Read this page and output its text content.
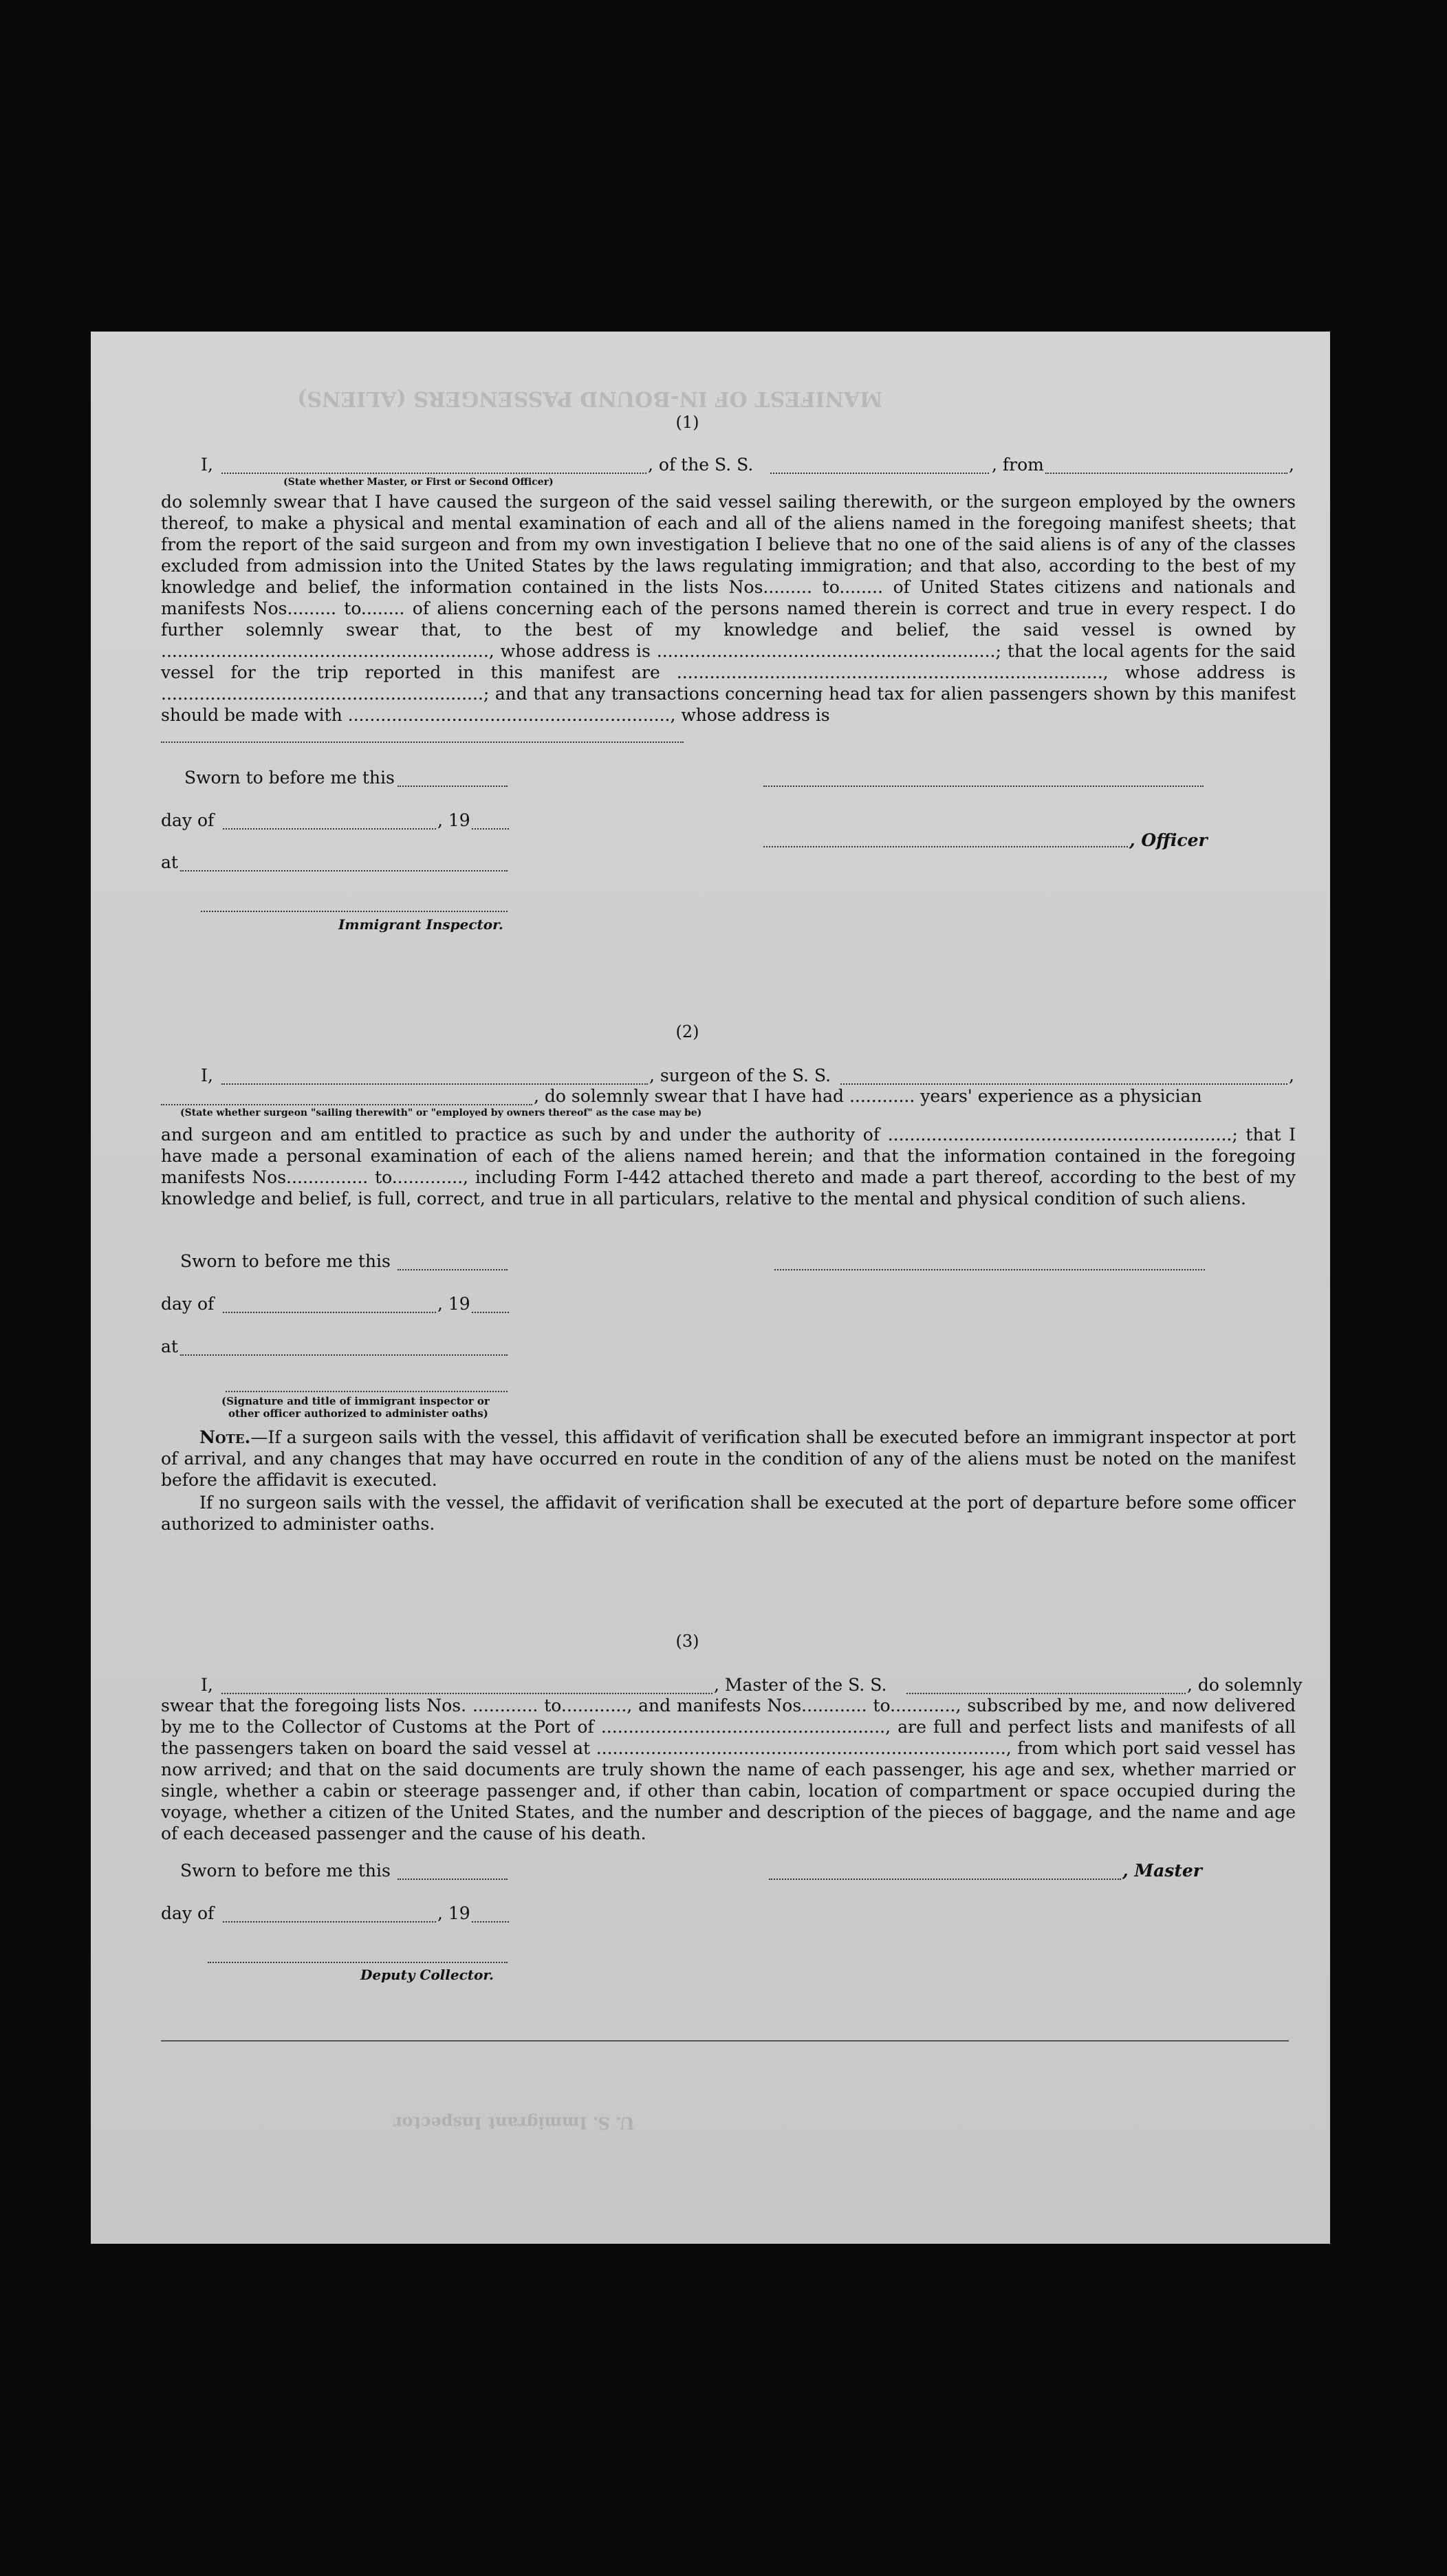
MANIFEST OF IN-BOUND PASSENGERS (ALIENS)
U. S. Immigrant Inspector
(1)
I,	, of the S. S.	, from	,
(State whether Master, or First or Second Officer)
do solemnly swear that I have caused the surgeon of the said vessel sailing therewith, or the surgeon employed by the owners thereof, to make a physical and mental examination of each and all of the aliens named in the foregoing manifest sheets; that from the report of the said surgeon and from my own investigation I believe that no one of the said aliens is of any of the classes excluded from admission into the United States by the laws regulating immigration; and that also, according to the best of my knowledge and belief, the information contained in the lists Nos......... to........ of United States citizens and nationals and manifests Nos......... to........ of aliens concerning each of the persons named therein is correct and true in every respect. I do further solemnly swear that, to the best of my knowledge and belief, the said vessel is owned by ............................................................, whose address is ..............................................................; that the local agents for the said vessel for the trip reported in this manifest are .............................................................................., whose address is ...........................................................; and that any transactions concerning head tax for alien passengers shown by this manifest should be made with ..........................................................., whose address is
Sworn to before me this
day of	, 19
at
, Officer
Immigrant Inspector.
(2)
I,	, surgeon of the S. S.	,
, do solemnly swear that I have had ............ years' experience as a physician
(State whether surgeon "sailing therewith" or "employed by owners thereof" as the case may be)
and surgeon and am entitled to practice as such by and under the authority of ...............................................................; that I have made a personal examination of each of the aliens named herein; and that the information contained in the foregoing manifests Nos............... to............., including Form I-442 attached thereto and made a part thereof, according to the best of my knowledge and belief, is full, correct, and true in all particulars, relative to the mental and physical condition of such aliens.
Sworn to before me this
day of	, 19
at
(Signature and title of immigrant inspector or
other officer authorized to administer oaths)
Note.—If a surgeon sails with the vessel, this affidavit of verification shall be executed before an immigrant inspector at port of arrival, and any changes that may have occurred en route in the condition of any of the aliens must be noted on the manifest before the affidavit is executed.
If no surgeon sails with the vessel, the affidavit of verification shall be executed at the port of departure before some officer authorized to administer oaths.
(3)
I,	, Master of the S. S.	, do solemnly
swear that the foregoing lists Nos. ............ to............, and manifests Nos............ to............, subscribed by me, and now delivered by me to the Collector of Customs at the Port of ...................................................., are full and perfect lists and manifests of all the passengers taken on board the said vessel at ..........................................................................., from which port said vessel has now arrived; and that on the said documents are truly shown the name of each passenger, his age and sex, whether married or single, whether a cabin or steerage passenger and, if other than cabin, location of compartment or space occupied during the voyage, whether a citizen of the United States, and the number and description of the pieces of baggage, and the name and age of each deceased passenger and the cause of his death.
Sworn to before me this	, Master
day of	, 19
Deputy Collector.
